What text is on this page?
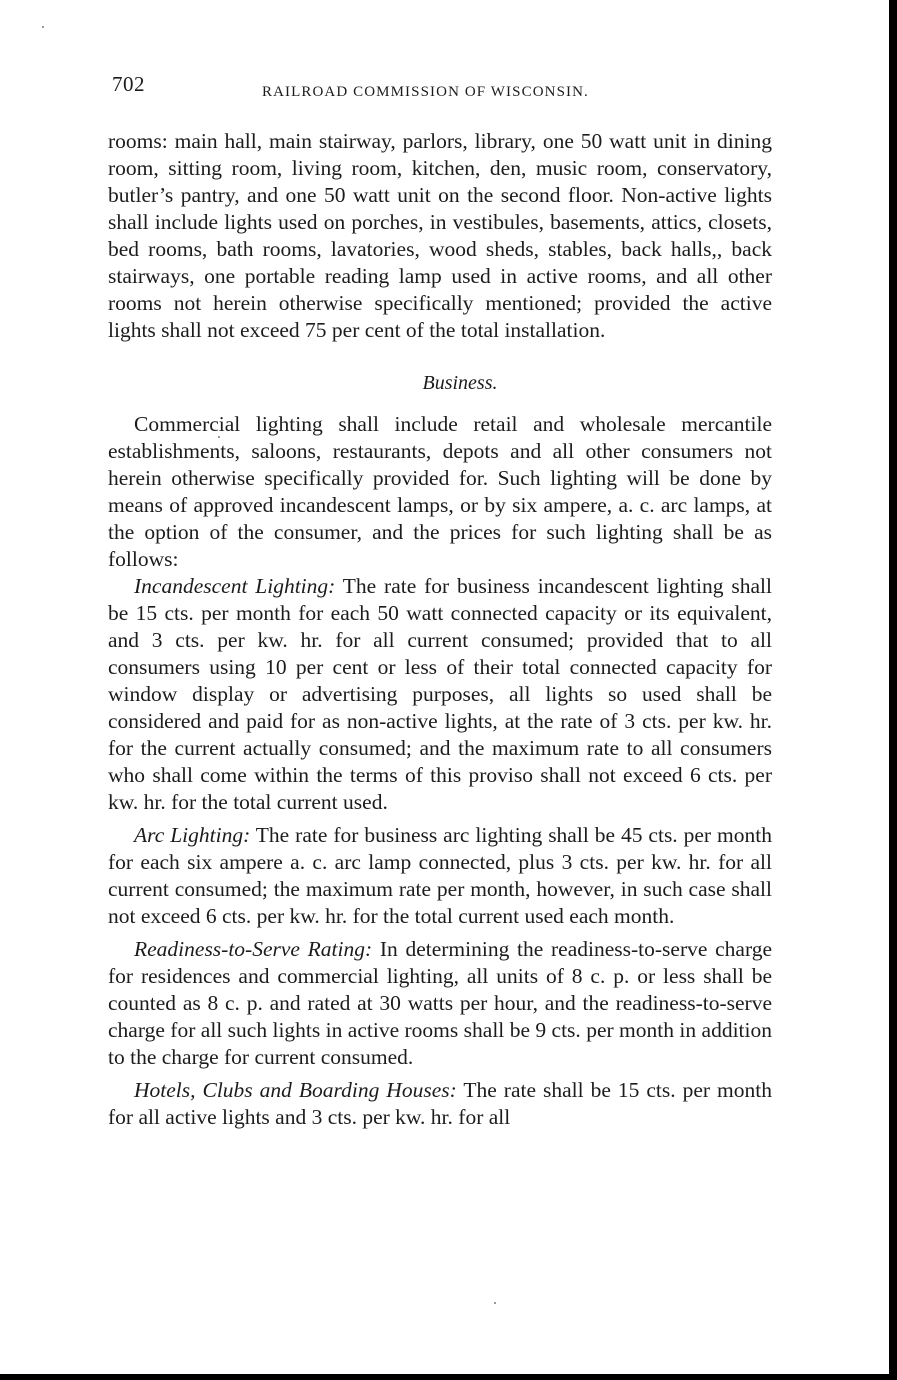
702	RAILROAD COMMISSION OF WISCONSIN.

rooms: main hall, main stairway, parlors, library, one 50 watt unit in dining room, sitting room, living room, kitchen, den, music room, conservatory, butler’s pantry, and one 50 watt unit on the second floor. Non-active lights shall include lights used on porches, in vestibules, basements, attics, closets, bed rooms, bath rooms, lavatories, wood sheds, stables, back halls,, back stairways, one portable reading lamp used in active rooms, and all other rooms not herein otherwise specifically mentioned; provided the active lights shall not exceed 75 per cent of the total installation.

Business.

Commercial lighting shall include retail and wholesale mercantile establishments, saloons, restaurants, depots and all other consumers not herein otherwise specifically provided for. Such lighting will be done by means of approved incandescent lamps, or by six ampere, a. c. arc lamps, at the option of the consumer, and the prices for such lighting shall be as follows:

Incandescent Lighting: The rate for business incandescent lighting shall be 15 cts. per month for each 50 watt connected capacity or its equivalent, and 3 cts. per kw. hr. for all current consumed; provided that to all consumers using 10 per cent or less of their total connected capacity for window display or advertising purposes, all lights so used shall be considered and paid for as non-active lights, at the rate of 3 cts. per kw. hr. for the current actually consumed; and the maximum rate to all consumers who shall come within the terms of this proviso shall not exceed 6 cts. per kw. hr. for the total current used.

Arc Lighting: The rate for business arc lighting shall be 45 cts. per month for each six ampere a. c. arc lamp connected, plus 3 cts. per kw. hr. for all current consumed; the maximum rate per month, however, in such case shall not exceed 6 cts. per kw. hr. for the total current used each month.

Readiness-to-Serve Rating: In determining the readiness-to-serve charge for residences and commercial lighting, all units of 8 c. p. or less shall be counted as 8 c. p. and rated at 30 watts per hour, and the readiness-to-serve charge for all such lights in active rooms shall be 9 cts. per month in addition to the charge for current consumed.

Hotels, Clubs and Boarding Houses: The rate shall be 15 cts. per month for all active lights and 3 cts. per kw. hr. for all
